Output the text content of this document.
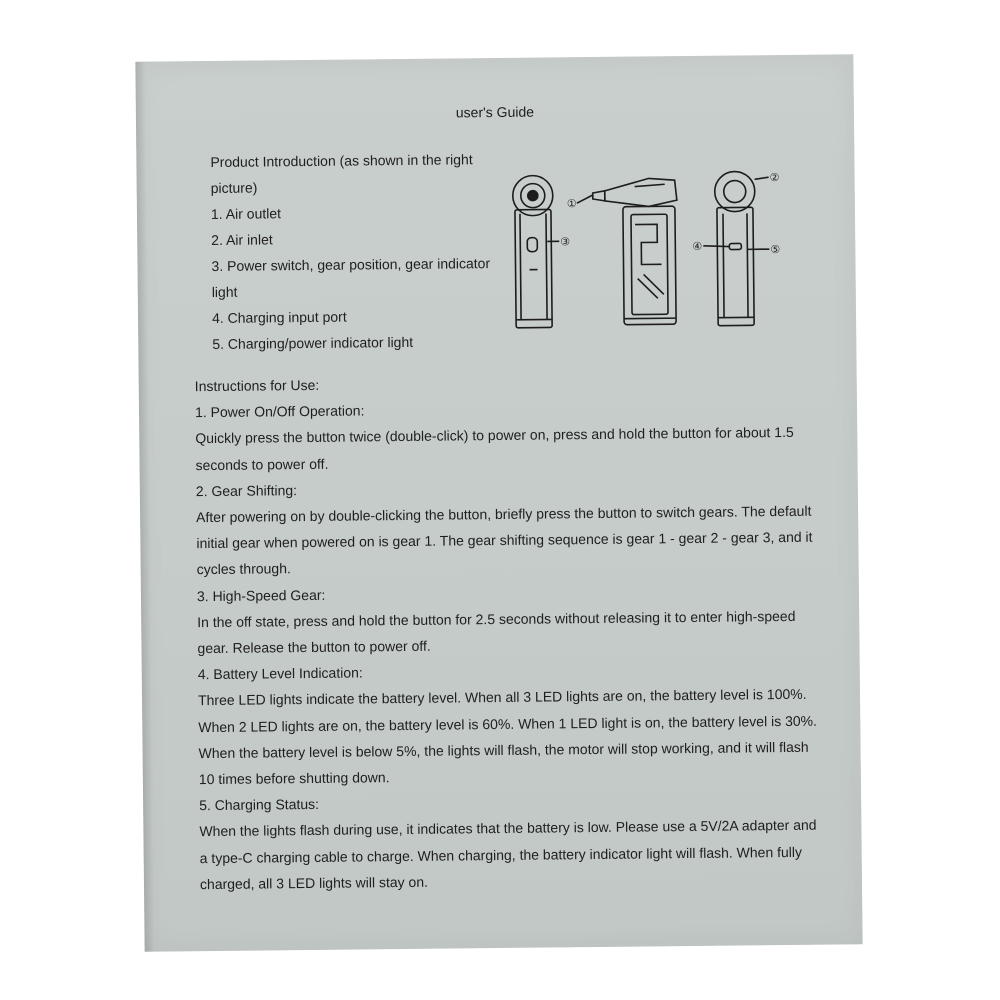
user's Guide
Product Introduction (as shown in the right picture)
1. Air outlet
2. Air inlet
3. Power switch, gear position, gear indicator light
4. Charging input port
5. Charging/power indicator light
①
③
②
④	⑤

Instructions for Use:

1. Power On/Off Operation:

Quickly press the button twice (double-click) to power on, press and hold the button for about 1.5 seconds to power off.

2. Gear Shifting:

After powering on by double-clicking the button, briefly press the button to switch gears. The default initial gear when powered on is gear 1. The gear shifting sequence is gear 1 - gear 2 - gear 3, and it cycles through.

3. High-Speed Gear:

In the off state, press and hold the button for 2.5 seconds without releasing it to enter high-speed gear. Release the button to power off.

4. Battery Level Indication:

Three LED lights indicate the battery level. When all 3 LED lights are on, the battery level is 100%. When 2 LED lights are on, the battery level is 60%. When 1 LED light is on, the battery level is 30%. When the battery level is below 5%, the lights will flash, the motor will stop working, and it will flash 10 times before shutting down.

5. Charging Status:

When the lights flash during use, it indicates that the battery is low. Please use a 5V/2A adapter and a type-C charging cable to charge. When charging, the battery indicator light will flash. When fully charged, all 3 LED lights will stay on.
